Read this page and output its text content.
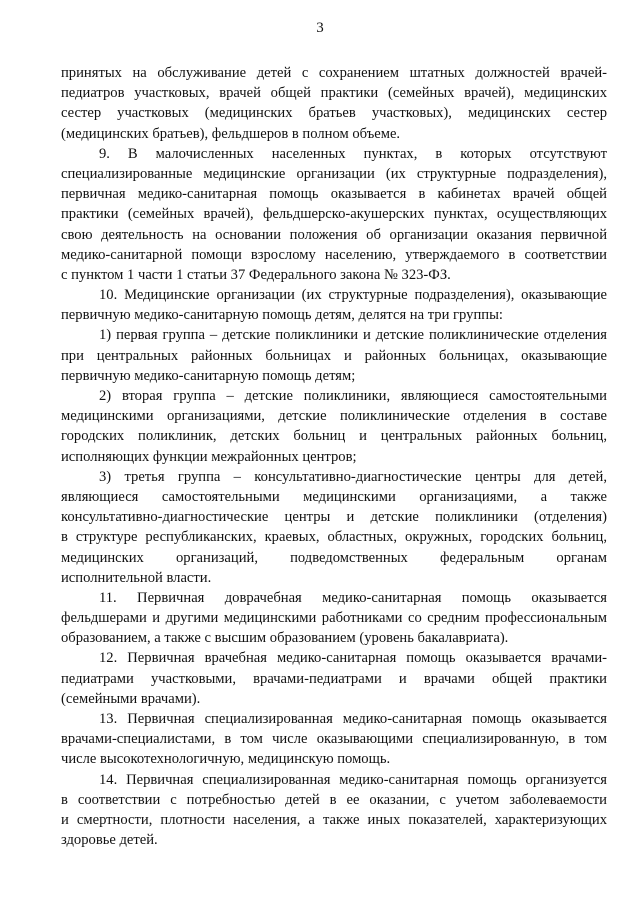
3
принятых на обслуживание детей с сохранением штатных должностей врачей-
педиатров участковых, врачей общей практики (семейных врачей), медицинских
сестер участковых (медицинских братьев участковых), медицинских сестер
(медицинских братьев), фельдшеров в полном объеме.
9. В малочисленных населенных пунктах, в которых отсутствуют
специализированные медицинские организации (их структурные подразделения),
первичная медико-санитарная помощь оказывается в кабинетах врачей общей
практики (семейных врачей), фельдшерско-акушерских пунктах, осуществляющих
свою деятельность на основании положения об организации оказания первичной
медико-санитарной помощи взрослому населению, утверждаемого в соответствии
с пунктом 1 части 1 статьи 37 Федерального закона № 323-ФЗ.
10. Медицинские организации (их структурные подразделения), оказывающие
первичную медико-санитарную помощь детям, делятся на три группы:
1) первая группа – детские поликлиники и детские поликлинические отделения
при центральных районных больницах и районных больницах, оказывающие
первичную медико-санитарную помощь детям;
2) вторая группа – детские поликлиники, являющиеся самостоятельными
медицинскими организациями, детские поликлинические отделения в составе
городских поликлиник, детских больниц и центральных районных больниц,
исполняющих функции межрайонных центров;
3) третья группа – консультативно-диагностические центры для детей,
являющиеся самостоятельными медицинскими организациями, а также
консультативно-диагностические центры и детские поликлиники (отделения)
в структуре республиканских, краевых, областных, окружных, городских больниц,
медицинских организаций, подведомственных федеральным органам
исполнительной власти.
11. Первичная доврачебная медико-санитарная помощь оказывается
фельдшерами и другими медицинскими работниками со средним профессиональным
образованием, а также с высшим образованием (уровень бакалавриата).
12. Первичная врачебная медико-санитарная помощь оказывается врачами-
педиатрами участковыми, врачами-педиатрами и врачами общей практики
(семейными врачами).
13. Первичная специализированная медико-санитарная помощь оказывается
врачами-специалистами, в том числе оказывающими специализированную, в том
числе высокотехнологичную, медицинскую помощь.
14. Первичная специализированная медико-санитарная помощь организуется
в соответствии с потребностью детей в ее оказании, с учетом заболеваемости
и смертности, плотности населения, а также иных показателей, характеризующих
здоровье детей.
